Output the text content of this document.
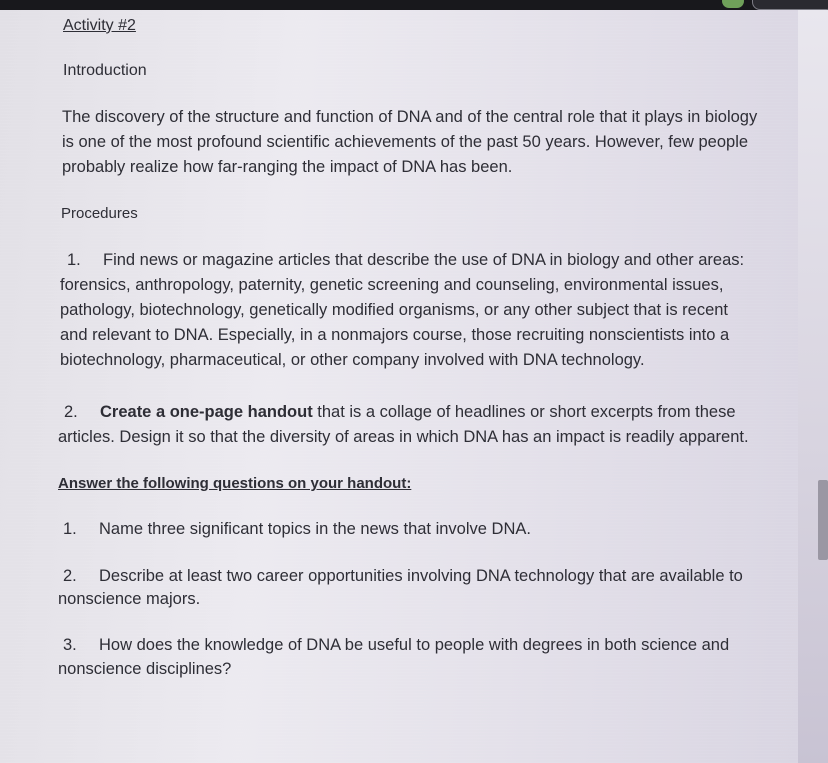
Activity #2
Introduction
The discovery of the structure and function of DNA and of the central role that it plays in biology
is one of the most profound scientific achievements of the past 50 years. However, few people
probably realize how far-ranging the impact of DNA has been.
Procedures
1. Find news or magazine articles that describe the use of DNA in biology and other areas:
forensics, anthropology, paternity, genetic screening and counseling, environmental issues,
pathology, biotechnology, genetically modified organisms, or any other subject that is recent
and relevant to DNA. Especially, in a nonmajors course, those recruiting nonscientists into a
biotechnology, pharmaceutical, or other company involved with DNA technology.
2. Create a one-page handout that is a collage of headlines or short excerpts from these
articles. Design it so that the diversity of areas in which DNA has an impact is readily apparent.
Answer the following questions on your handout:
1. Name three significant topics in the news that involve DNA.
2. Describe at least two career opportunities involving DNA technology that are available to
nonscience majors.
3. How does the knowledge of DNA be useful to people with degrees in both science and
nonscience disciplines?
